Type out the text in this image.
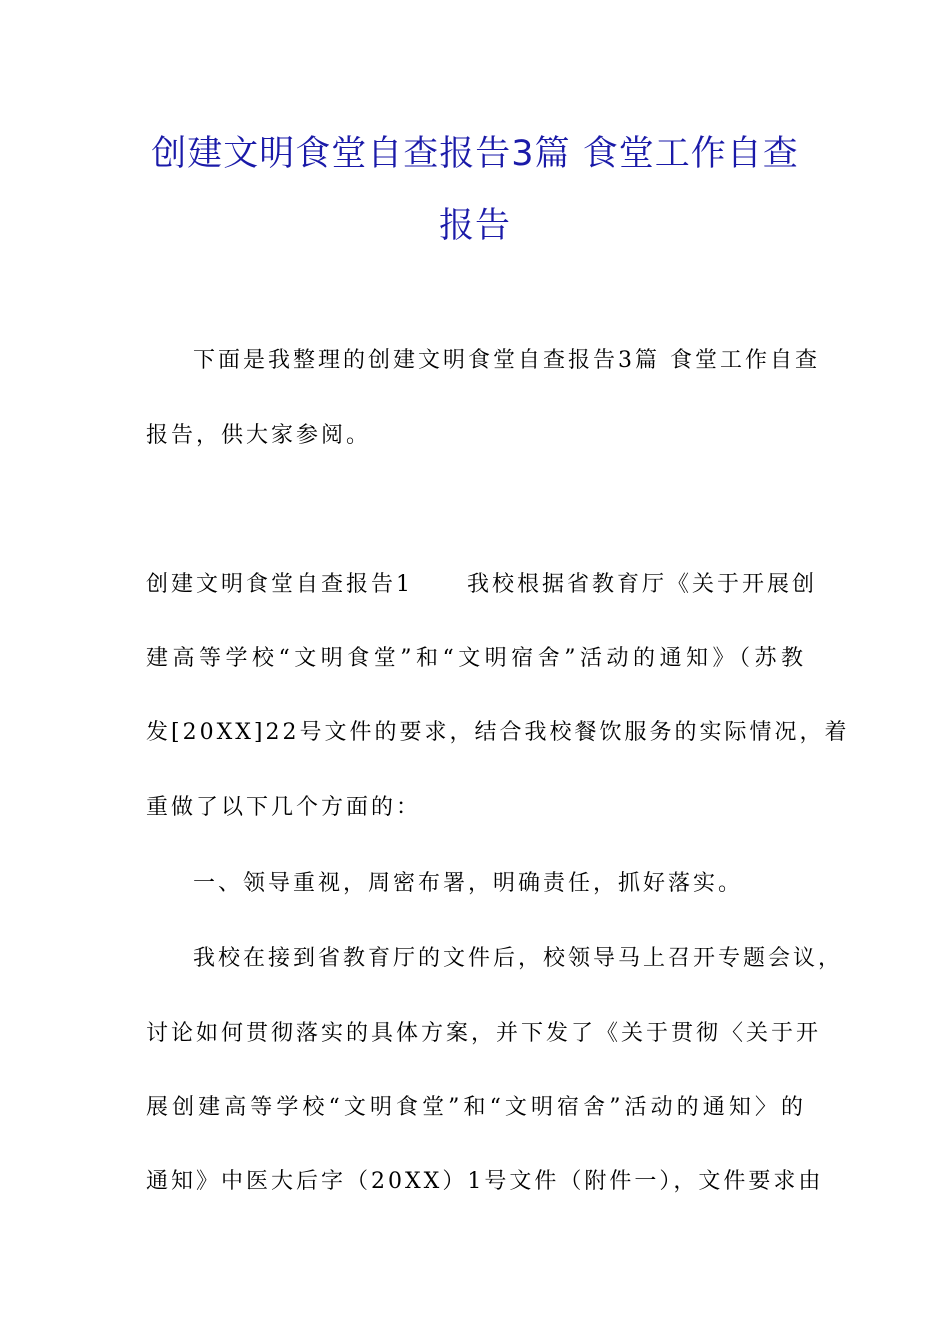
创建文明食堂自查报告3篇 食堂工作自查
报告

下面是我整理的创建文明食堂自查报告3篇 食堂工作自查

报告，供大家参阅。

创建文明食堂自查报告1 我校根据省教育厅《关于开展创

建高等学校“文明食堂”和“文明宿舍”活动的通知》（苏教

发[20XX]22号文件的要求，结合我校餐饮服务的实际情况，着

重做了以下几个方面的：

一、领导重视，周密布署，明确责任，抓好落实。

我校在接到省教育厅的文件后，校领导马上召开专题会议，

讨论如何贯彻落实的具体方案，并下发了《关于贯彻〈关于开

展创建高等学校“文明食堂”和“文明宿舍”活动的通知〉的

通知》中医大后字（20XX）1号文件（附件一），文件要求由
